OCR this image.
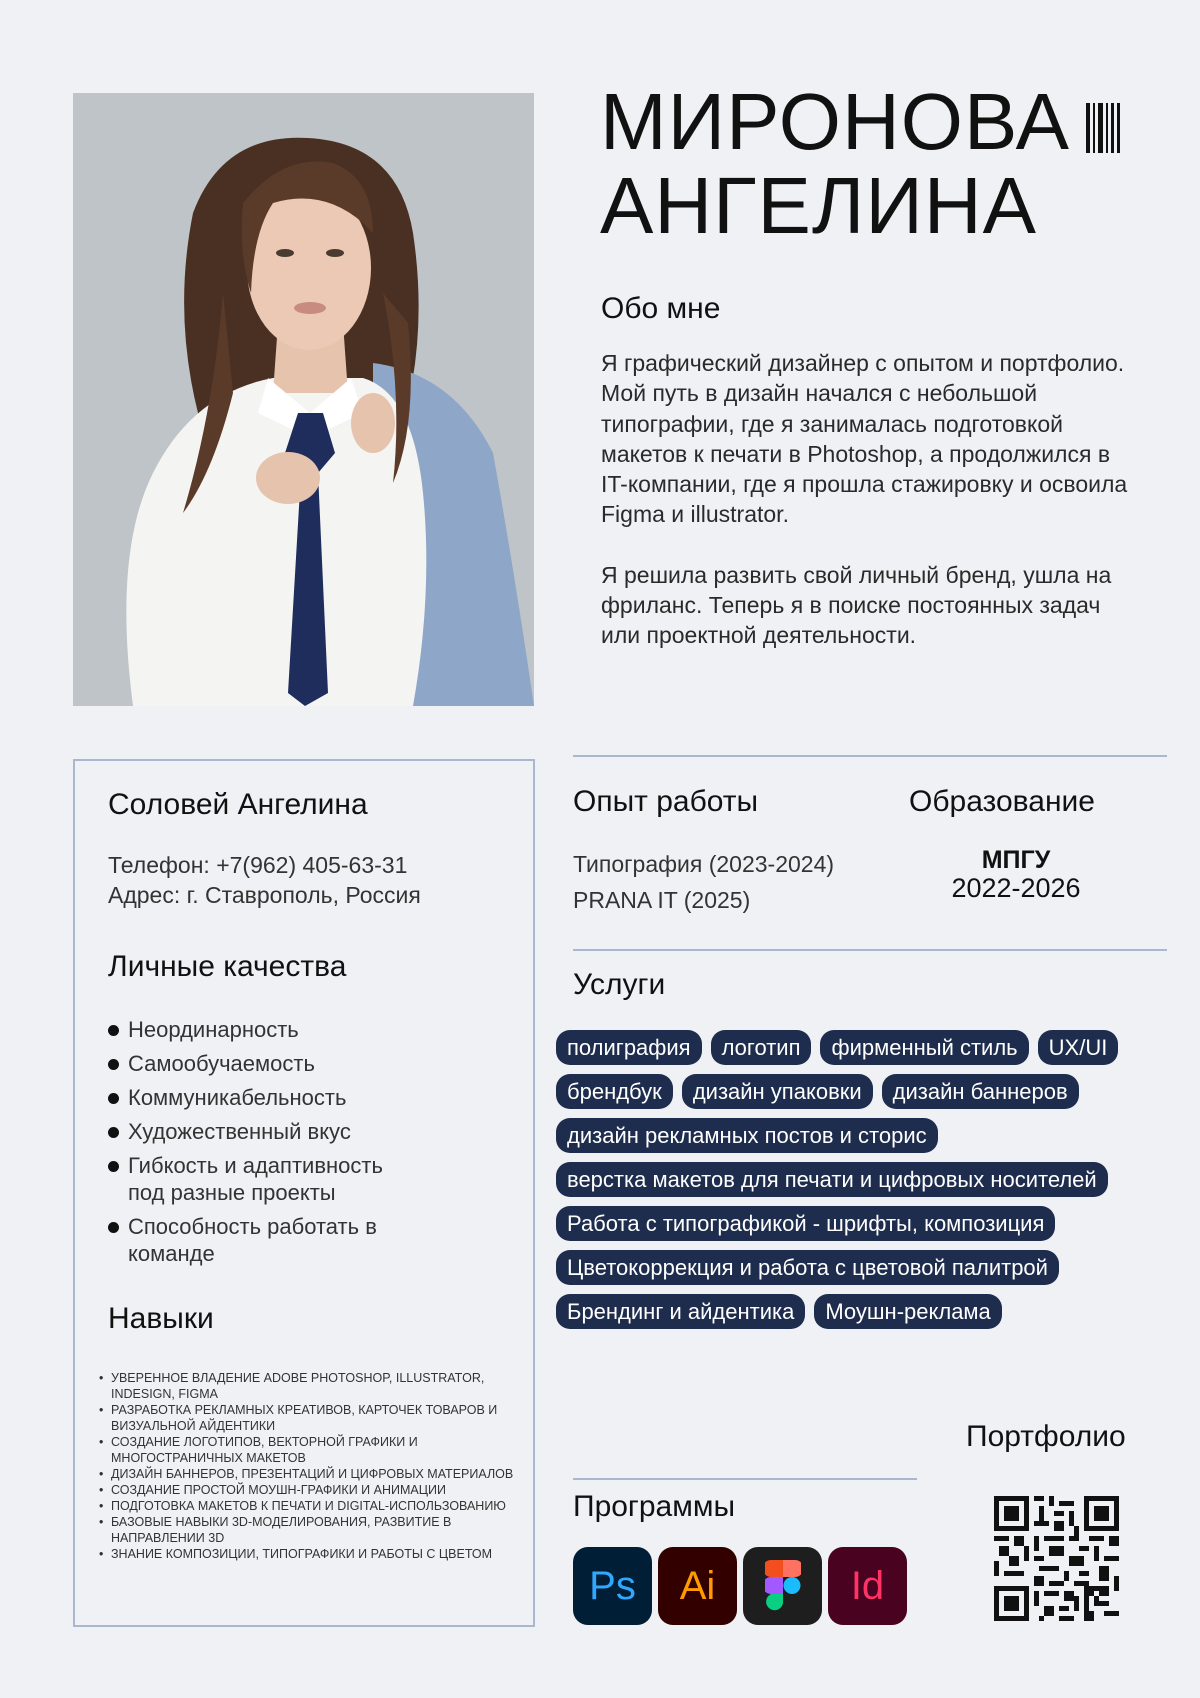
МИРОНОВА
АНГЕЛИНА
Обо мне

Я графический дизайнер с опытом и портфолио. Мой путь в дизайн начался с небольшой типографии, где я занималась подготовкой макетов к печати в Photoshop, а продолжился в IT-компании, где я прошла стажировку и освоила Figma и illustrator.

Я решила развить свой личный бренд, ушла на фриланс. Теперь я в поиске постоянных задач или проектной деятельности.

Соловей Ангелина
Телефон: +7(962) 405-63-31
Адрес: г. Ставрополь, Россия
Личные качества
Неординарность
Самообучаемость
Коммуникабельность
Художественный вкус
Гибкость и адаптивность под разные проекты
Способность работать в команде
Навыки
• УВЕРЕННОЕ ВЛАДЕНИЕ ADOBE PHOTOSHOP, ILLUSTRATOR, INDESIGN, FIGMA
• РАЗРАБОТКА РЕКЛАМНЫХ КРЕАТИВОВ, КАРТОЧЕК ТОВАРОВ И ВИЗУАЛЬНОЙ АЙДЕНТИКИ
• СОЗДАНИЕ ЛОГОТИПОВ, ВЕКТОРНОЙ ГРАФИКИ И МНОГОСТРАНИЧНЫХ МАКЕТОВ
• ДИЗАЙН БАННЕРОВ, ПРЕЗЕНТАЦИЙ И ЦИФРОВЫХ МАТЕРИАЛОВ
• СОЗДАНИЕ ПРОСТОЙ МОУШН-ГРАФИКИ И АНИМАЦИИ
• ПОДГОТОВКА МАКЕТОВ К ПЕЧАТИ И DIGITAL-ИСПОЛЬЗОВАНИЮ
• БАЗОВЫЕ НАВЫКИ 3D-МОДЕЛИРОВАНИЯ, РАЗВИТИЕ В НАПРАВЛЕНИИ 3D
• ЗНАНИЕ КОМПОЗИЦИИ, ТИПОГРАФИКИ И РАБОТЫ С ЦВЕТОМ
Опыт работы
Типография (2023-2024)
PRANA IT (2025)
Образование
МПГУ
2022-2026
Услуги
полиграфия	логотип	фирменный стиль	UX/UI
брендбук	дизайн упаковки	дизайн баннеров
дизайн рекламных постов и сторис
верстка макетов для печати и цифровых носителей
Работа с типографикой - шрифты, композиция
Цветокоррекция и работа с цветовой палитрой
Брендинг и айдентика	Моушн-реклама
Портфолио
Программы
Ps	Ai	Id
